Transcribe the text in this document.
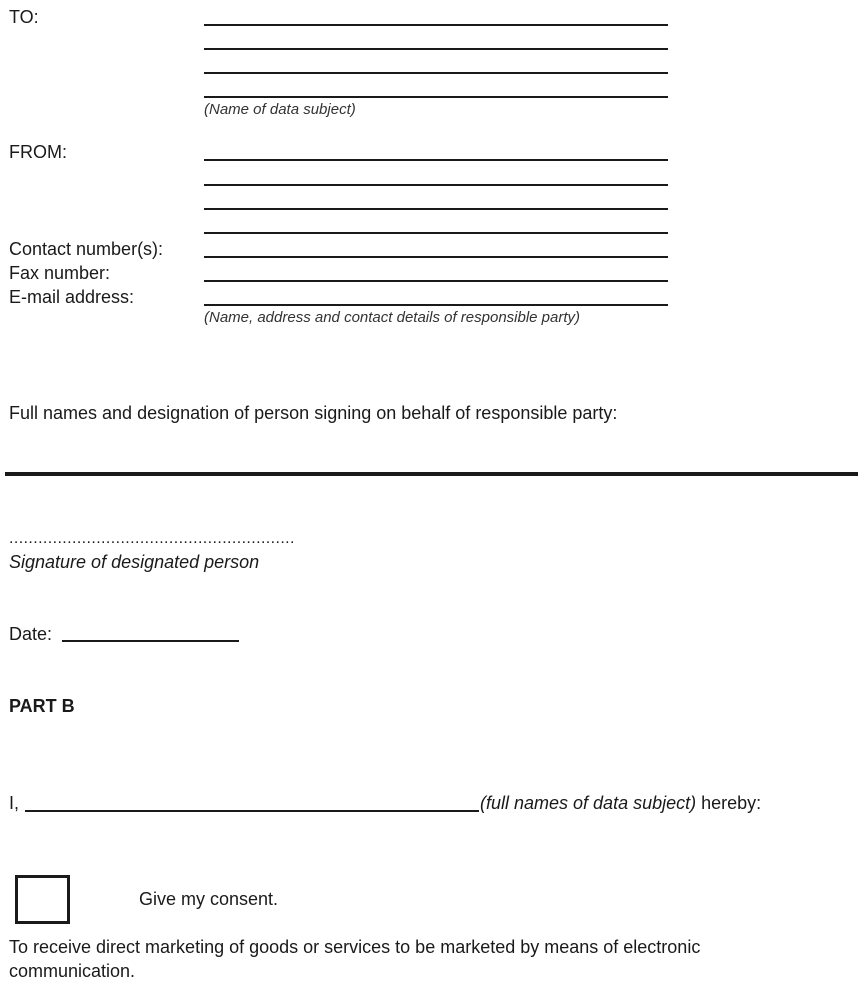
TO:
(Name of data subject)
FROM:
Contact number(s):
Fax number:
E-mail address:
(Name, address and contact details of responsible party)
Full names and designation of person signing on behalf of responsible party:
...........................................................
Signature of designated person
Date:
PART B
I,	(full names of data subject) hereby:
Give my consent.
To receive direct marketing of goods or services to be marketed by means of electronic
communication.
